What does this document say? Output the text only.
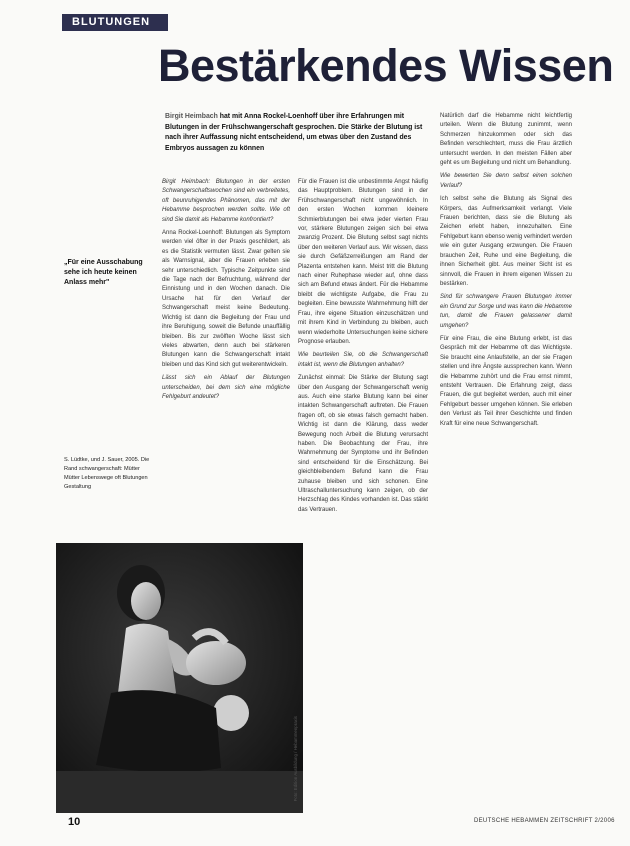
BLUTUNGEN
Bestärkendes Wissen
Birgit Heimbach hat mit Anna Rockel-Loenhoff über ihre Erfahrungen mit Blutungen in der Frühschwangerschaft gesprochen. Die Stärke der Blutung ist nach ihrer Auffassung nicht entscheidend, um etwas über den Zustand des Embryos aussagen zu können
„Für eine Ausschabung sehe ich heute keinen Anlass mehr"
S. Lüdtke, und J. Sauer, 2005. Die Rand schwangerschaft: Mütter Mütter Lebenswege oft Blutungen Gestaltung

Birgit Heimbach: Blutungen in der ersten Schwangerschaftswochen sind ein verbreitetes, oft beunruhigendes Phänomen, das mit der Hebamme besprochen werden sollte. Wie oft sind Sie damit als Hebamme konfrontiert?

Anna Rockel-Loenhoff: Blutungen als Symptom werden viel öfter in der Praxis geschildert, als es die Statistik vermuten lässt. Zwar gelten sie als Warnsignal, aber die Frauen erleben sie sehr unterschiedlich. Typische Zeitpunkte sind die Tage nach der Befruchtung, während der Einnistung und in den Wochen danach. Die Ursache hat für den Verlauf der Schwangerschaft meist keine Bedeutung. Wichtig ist dann die Begleitung der Frau und ihre Beruhigung, soweit die Befunde unauffällig bleiben. Bis zur zwölften Woche lässt sich vieles abwarten, denn auch bei stärkeren Blutungen kann die Schwangerschaft intakt bleiben und das Kind sich gut weiterentwickeln.

Lässt sich ein Ablauf der Blutungen unterscheiden, bei dem sich eine mögliche Fehlgeburt andeutet?

Für die Frauen ist die unbestimmte Angst häufig das Hauptproblem. Blutungen sind in der Frühschwangerschaft nicht ungewöhnlich. In den ersten Wochen kommen kleinere Schmierblutungen bei etwa jeder vierten Frau vor, stärkere Blutungen zeigen sich bei etwa zwanzig Prozent. Die Blutung selbst sagt nichts über den weiteren Verlauf aus. Wir wissen, dass sie durch Gefäßzerreißungen am Rand der Plazenta entstehen kann. Meist tritt die Blutung nach einer Ruhephase wieder auf, ohne dass sich am Befund etwas ändert. Für die Hebamme bleibt die wichtigste Aufgabe, die Frau zu begleiten. Eine bewusste Wahrnehmung hilft der Frau, ihre eigene Situation einzuschätzen und mit ihrem Kind in Verbindung zu bleiben, auch wenn wiederholte Untersuchungen keine sichere Prognose erlauben.

Wie beurteilen Sie, ob die Schwangerschaft intakt ist, wenn die Blutungen anhalten?

Zunächst einmal: Die Stärke der Blutung sagt über den Ausgang der Schwangerschaft wenig aus. Auch eine starke Blutung kann bei einer intakten Schwangerschaft auftreten. Die Frauen fragen oft, ob sie etwas falsch gemacht haben. Wichtig ist dann die Klärung, dass weder Bewegung noch Arbeit die Blutung verursacht haben. Die Beobachtung der Frau, ihre Wahrnehmung der Symptome und ihr Befinden sind entscheidend für die Einschätzung. Bei gleichbleibendem Befund kann die Frau zuhause bleiben und sich schonen. Eine Ultraschalluntersuchung kann zeigen, ob der Herzschlag des Kindes vorhanden ist. Das stärkt das Vertrauen.

Natürlich darf die Hebamme nicht leichtfertig urteilen. Wenn die Blutung zunimmt, wenn Schmerzen hinzukommen oder sich das Befinden verschlechtert, muss die Frau ärztlich untersucht werden. In den meisten Fällen aber geht es um Begleitung und nicht um Behandlung.

Wie bewerten Sie denn selbst einen solchen Verlauf?

Ich selbst sehe die Blutung als Signal des Körpers, das Aufmerksamkeit verlangt. Viele Frauen berichten, dass sie die Blutung als Zeichen erlebt haben, innezuhalten. Eine Fehlgeburt kann ebenso wenig verhindert werden wie ein guter Ausgang erzwungen. Die Frauen brauchen Zeit, Ruhe und eine Begleitung, die ihnen Sicherheit gibt. Aus meiner Sicht ist es sinnvoll, die Frauen in ihrem eigenen Wissen zu bestärken.

Sind für schwangere Frauen Blutungen immer ein Grund zur Sorge und was kann die Hebamme tun, damit die Frauen gelassener damit umgehen?

Für eine Frau, die eine Blutung erlebt, ist das Gespräch mit der Hebamme oft das Wichtigste. Sie braucht eine Anlaufstelle, an der sie Fragen stellen und ihre Ängste aussprechen kann. Wenn die Hebamme zuhört und die Frau ernst nimmt, entsteht Vertrauen. Die Erfahrung zeigt, dass Frauen, die gut begleitet werden, auch mit einer Fehlgeburt besser umgehen können. Sie erleben den Verlust als Teil ihrer Geschichte und finden Kraft für eine neue Schwangerschaft.

Foto: Edition Ausbildung / Hebammenpraxis
10	DEUTSCHE HEBAMMEN ZEITSCHRIFT 2/2006
